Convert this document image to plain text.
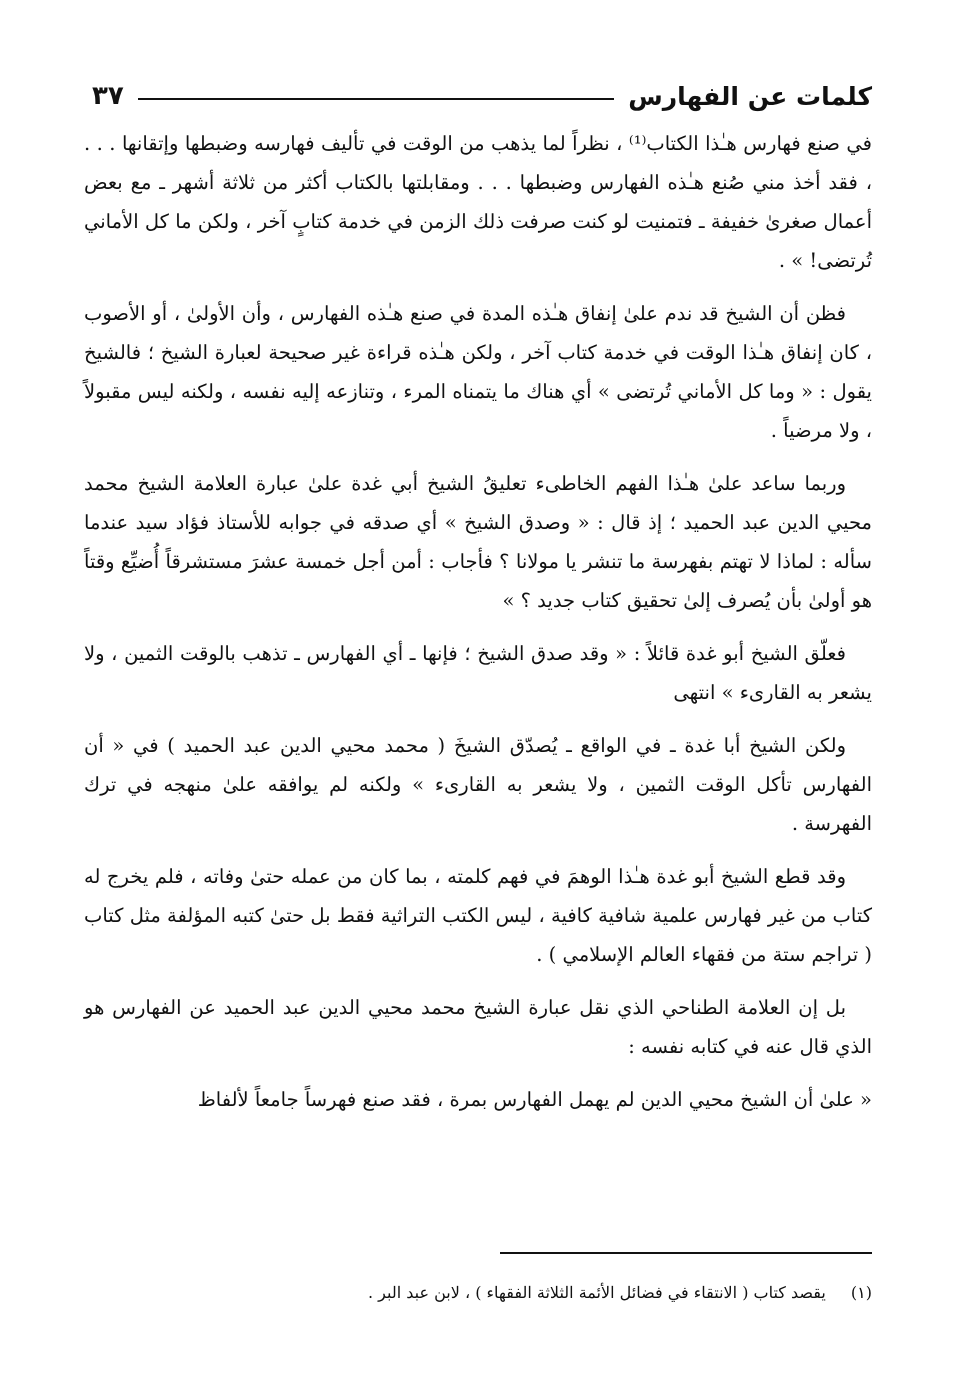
كلمات عن الفهارس
٣٧

في صنع فهارس هـٰذا الكتاب⁽¹⁾ ، نظراً لما يذهب من الوقت في تأليف فهارسه وضبطها وإتقانها . . . ، فقد أخذ مني صُنع هـٰذه الفهارس وضبطها . . . ومقابلتها بالكتاب أكثر من ثلاثة أشهر ـ مع بعض أعمال صغرىٰ خفيفة ـ فتمنيت لو كنت صرفت ذلك الزمن في خدمة كتابٍ آخر ، ولكن ما كل الأماني تُرتضى! » .

فظن أن الشيخ قد ندم علىٰ إنفاق هـٰذه المدة في صنع هـٰذه الفهارس ، وأن الأولىٰ ، أو الأصوب ، كان إنفاق هـٰذا الوقت في خدمة كتاب آخر ، ولكن هـٰذه قراءة غير صحيحة لعبارة الشيخ ؛ فالشيخ يقول : « وما كل الأماني تُرتضى » أي هناك ما يتمناه المرء ، وتنازعه إليه نفسه ، ولكنه ليس مقبولاً ، ولا مرضياً .

وربما ساعد علىٰ هـٰذا الفهم الخاطىء تعليقُ الشيخ أبي غدة علىٰ عبارة العلامة الشيخ محمد محيي الدين عبد الحميد ؛ إذ قال : « وصدق الشيخ » أي صدقه في جوابه للأستاذ فؤاد سيد عندما سأله : لماذا لا تهتم بفهرسة ما تنشر يا مولانا ؟ فأجاب : أمن أجل خمسة عشرَ مستشرقاً أُضيِّع وقتاً هو أولىٰ بأن يُصرف إلىٰ تحقيق كتاب جديد ؟ »

فعلّق الشيخ أبو غدة قائلاً : « وقد صدق الشيخ ؛ فإنها ـ أي الفهارس ـ تذهب بالوقت الثمين ، ولا يشعر به القارىء » انتهى

ولكن الشيخ أبا غدة ـ في الواقع ـ يُصدّق الشيخَ ( محمد محيي الدين عبد الحميد ) في « أن الفهارس تأكل الوقت الثمين ، ولا يشعر به القارىء » ولكنه لم يوافقه علىٰ منهجه في ترك الفهرسة .

وقد قطع الشيخ أبو غدة هـٰذا الوهمَ في فهم كلمته ، بما كان من عمله حتىٰ وفاته ، فلم يخرج له كتاب من غير فهارس علمية شافية كافية ، ليس الكتب التراثية فقط بل حتىٰ كتبه المؤلفة مثل كتاب ( تراجم ستة من فقهاء العالم الإسلامي ) .

بل إن العلامة الطناحي الذي نقل عبارة الشيخ محمد محيي الدين عبد الحميد عن الفهارس هو الذي قال عنه في كتابه نفسه :

« علىٰ أن الشيخ محيي الدين لم يهمل الفهارس بمرة ، فقد صنع فهرساً جامعاً لألفاظ

(١) يقصد كتاب ( الانتقاء في فضائل الأئمة الثلاثة الفقهاء ) ، لابن عبد البر .
